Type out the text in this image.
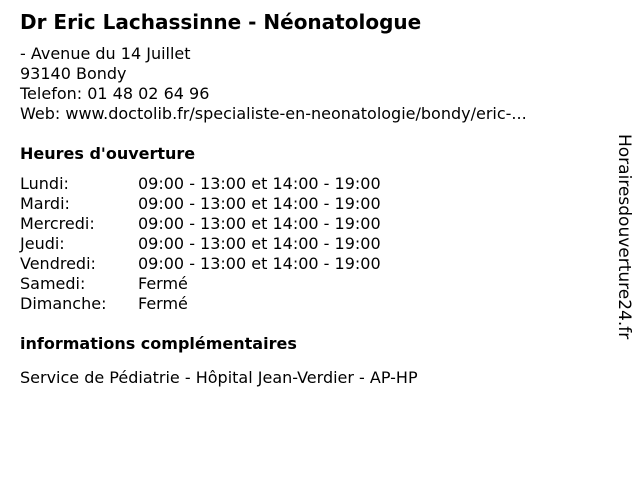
Dr Eric Lachassinne - Néonatologue
- Avenue du 14 Juillet
93140 Bondy
Telefon: 01 48 02 64 96
Web: www.doctolib.fr/specialiste-en-neonatologie/bondy/eric-...
Heures d'ouverture
Lundi:	09:00 - 13:00 et 14:00 - 19:00
Mardi:	09:00 - 13:00 et 14:00 - 19:00
Mercredi:	09:00 - 13:00 et 14:00 - 19:00
Jeudi:	09:00 - 13:00 et 14:00 - 19:00
Vendredi:	09:00 - 13:00 et 14:00 - 19:00
Samedi:	Fermé
Dimanche:	Fermé
informations complémentaires
Service de Pédiatrie - Hôpital Jean-Verdier - AP-HP
Horairesdouverture24.fr
